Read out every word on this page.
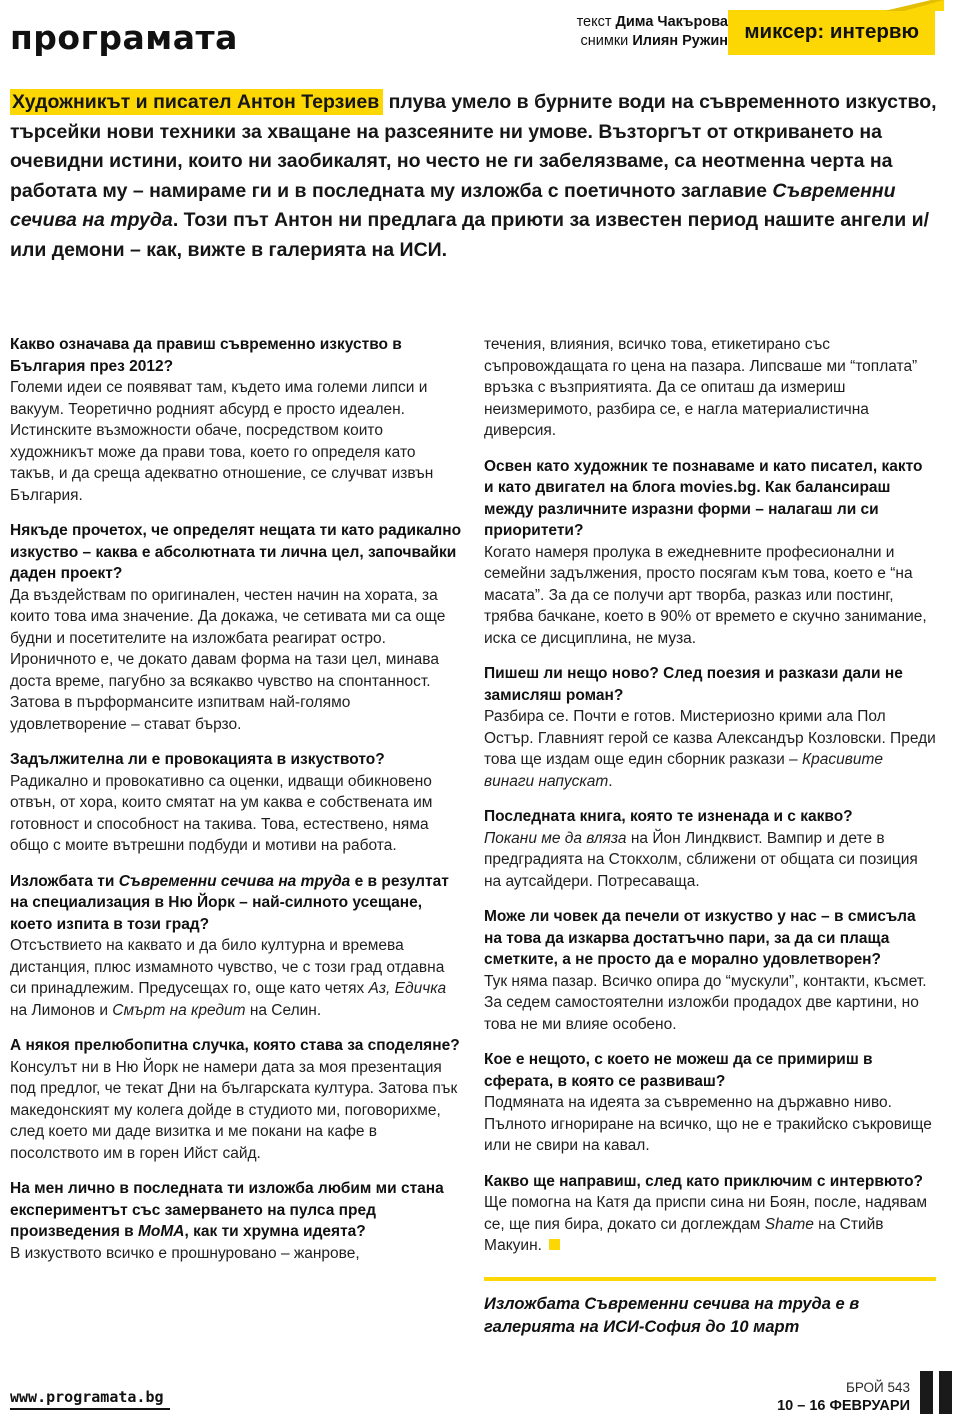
програмата	текст Дима Чакърова
снимки Илиян Ружин миксер: интервю
Художникът и писател Антон Терзиев плува умело в бурните води на съвременното изкуство, търсейки нови техники за хващане на разсеяните ни умове. Възторгът от откриването на очевидни истини, които ни заобикалят, но често не ги забелязваме, са неотменна черта на работата му – намираме ги и в последната му изложба с поетичното заглавие Съвременни сечива на труда. Този път Антон ни предлага да приюти за известен период нашите ангели и/или демони – как, вижте в галерията на ИСИ.
Какво означава да правиш съвременно изкуство в България през 2012?
Големи идеи се появяват там, където има големи липси и вакуум. Теоретично родният абсурд е просто идеален. Истинските възможности обаче, посредством които художникът може да прави това, което го определя като такъв, и да среща адекватно отношение, се случват извън България.
Някъде прочетох, че определят нещата ти като радикално изкуство – каква е абсолютната ти лична цел, започвайки даден проект?
Да въздействам по оригинален, честен начин на хората, за които това има значение. Да докажа, че сетивата ми са още будни и посетителите на изложбата реагират остро. Ироничното е, че докато давам форма на тази цел, минава доста време, пагубно за всякакво чувство на спонтанност. Затова в пърформансите изпитвам най-голямо удовлетворение – стават бързо.
Задължителна ли е провокацията в изкуството?
Радикално и провокативно са оценки, идващи обикновено отвън, от хора, които смятат на ум каква е собствената им готовност и способност на такива. Това, естествено, няма общо с моите вътрешни подбуди и мотиви на работа.
Изложбата ти Съвременни сечива на труда е в резултат на специализация в Ню Йорк – най-силното усещане, което изпита в този град?
Отсъствието на каквато и да било културна и времева дистанция, плюс измамното чувство, че с този град отдавна си принадлежим. Предусещах го, още като четях Аз, Едичка на Лимонов и Смърт на кредит на Селин.
А някоя прелюбопитна случка, която става за споделяне?
Консулът ни в Ню Йорк не намери дата за моя презентация под предлог, че текат Дни на българската култура. Затова пък македонският му колега дойде в студиото ми, поговорихме, след което ми даде визитка и ме покани на кафе в посолството им в горен Ийст сайд.
На мен лично в последната ти изложба любим ми стана експериментът със замерването на пулса пред произведения в МоМА, как ти хрумна идеята?
В изкуството всичко е прошнуровано – жанрове,
течения, влияния, всичко това, етикетирано със съпровождащата го цена на пазара. Липсваше ми “топлата” връзка с възприятията. Да се опиташ да измериш неизмеримото, разбира се, е нагла материалистична диверсия.
Освен като художник те познаваме и като писател, както и като двигател на блога movies.bg. Как балансираш между различните изразни форми – налагаш ли си приоритети?
Когато намеря пролука в ежедневните професионални и семейни задължения, просто посягам към това, което е “на масата”. За да се получи арт творба, разказ или постинг, трябва бачкане, което в 90% от времето е скучно занимание, иска се дисциплина, не муза.
Пишеш ли нещо ново? След поезия и разкази дали не замисляш роман?
Разбира се. Почти е готов. Мистериозно крими ала Пол Остър. Главният герой се казва Александър Козловски. Преди това ще издам още един сборник разкази – Красивите винаги напускат.
Последната книга, която те изненада и с какво?
Покани ме да вляза на Йон Линдквист. Вампир и дете в предградията на Стокхолм, сближени от общата си позиция на аутсайдери. Потресаваща.
Може ли човек да печели от изкуство у нас – в смисъла на това да изкарва достатъчно пари, за да си плаща сметките, а не просто да е морално удовлетворен?
Тук няма пазар. Всичко опира до “мускули”, контакти, късмет. За седем самостоятелни изложби продадох две картини, но това не ми влияе особено.
Кое е нещото, с което не можеш да се примириш в сферата, в която се развиваш?
Подмяната на идеята за съвременно на държавно ниво. Пълното игнориране на всичко, що не е тракийско съкровище или не свири на кавал.
Какво ще направиш, след като приключим с интервюто?
Ще помогна на Катя да приспи сина ни Боян, после, надявам се, ще пия бира, докато си доглеждам Shame на Стийв Макуин.
Изложбата Съвременни сечива на труда е в галерията на ИСИ-София до 10 март
www.programata.bg
БРОЙ 543
10 – 16 ФЕВРУАРИ
